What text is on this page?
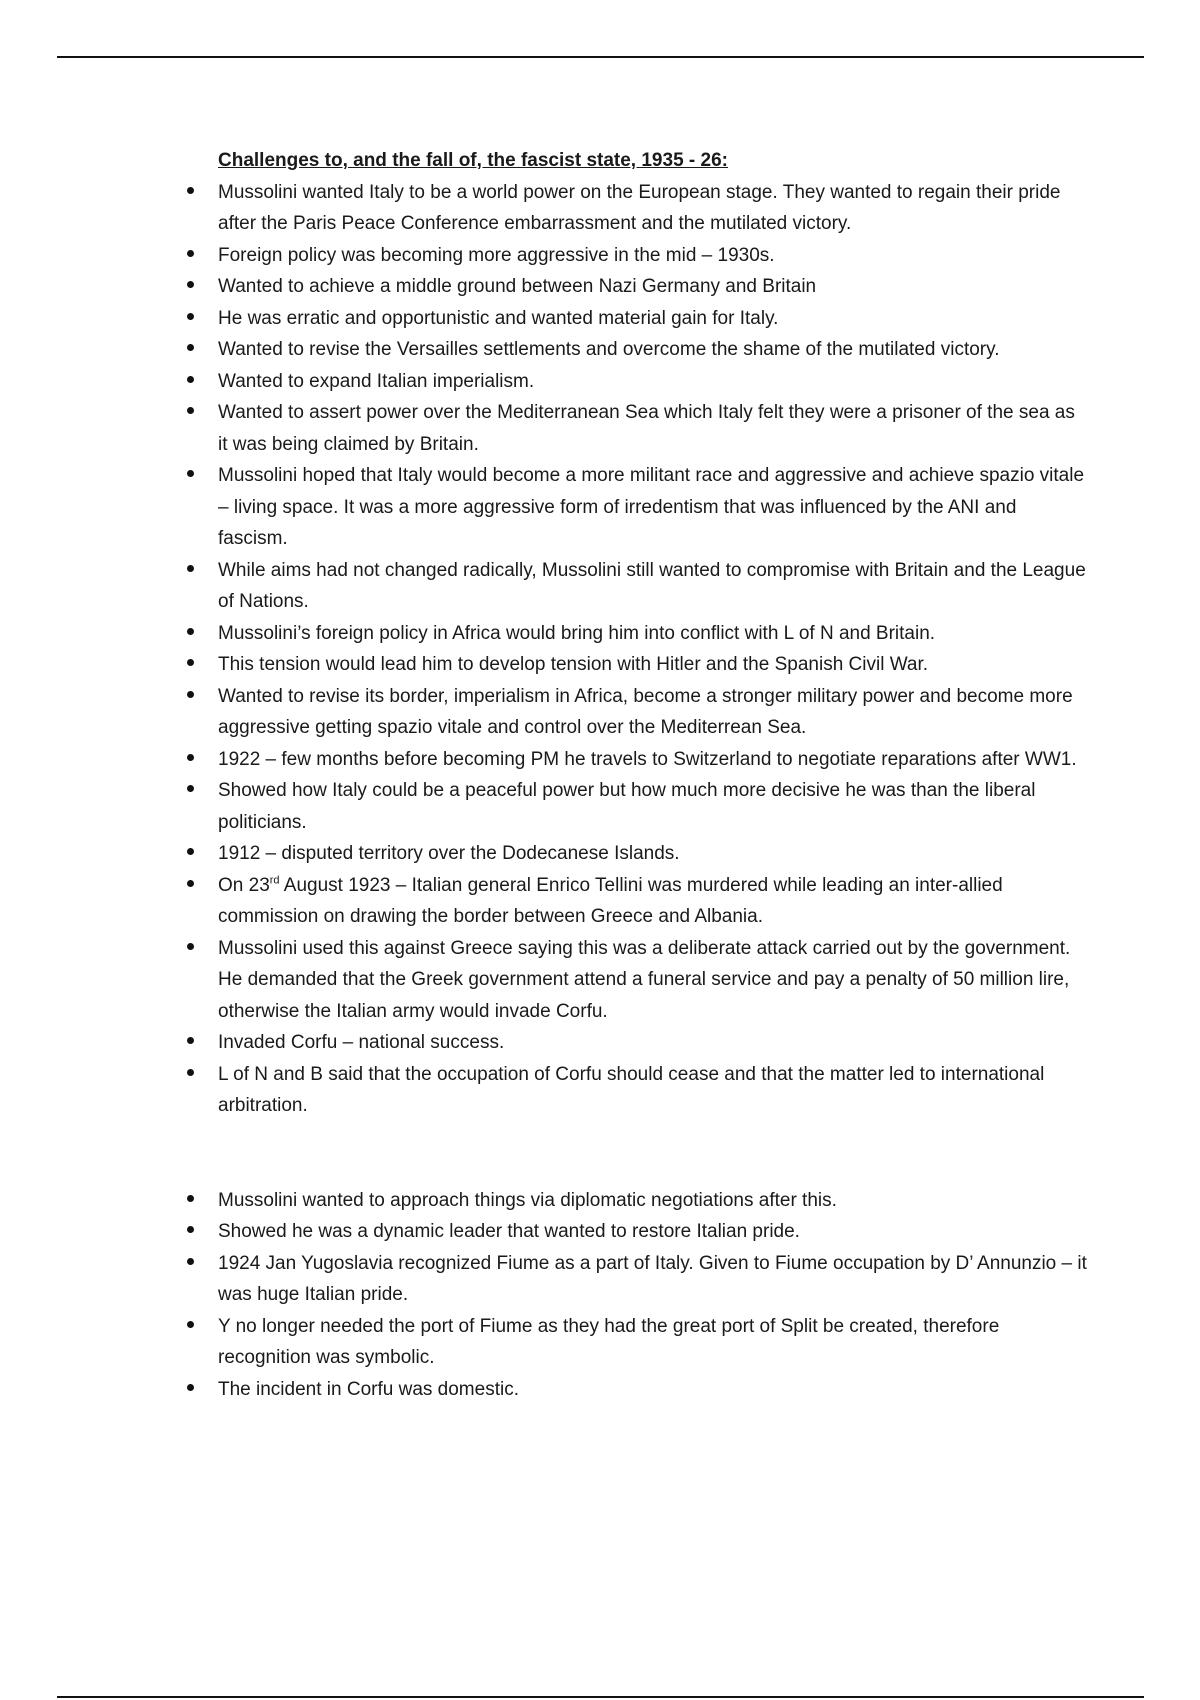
Challenges to, and the fall of, the fascist state, 1935 - 26:

Mussolini wanted Italy to be a world power on the European stage. They wanted to regain their pride after the Paris Peace Conference embarrassment and the mutilated victory.
Foreign policy was becoming more aggressive in the mid – 1930s.
Wanted to achieve a middle ground between Nazi Germany and Britain
He was erratic and opportunistic and wanted material gain for Italy.
Wanted to revise the Versailles settlements and overcome the shame of the mutilated victory.
Wanted to expand Italian imperialism.
Wanted to assert power over the Mediterranean Sea which Italy felt they were a prisoner of the sea as it was being claimed by Britain.
Mussolini hoped that Italy would become a more militant race and aggressive and achieve spazio vitale – living space. It was a more aggressive form of irredentism that was influenced by the ANI and fascism.
While aims had not changed radically, Mussolini still wanted to compromise with Britain and the League of Nations.
Mussolini’s foreign policy in Africa would bring him into conflict with L of N and Britain.
This tension would lead him to develop tension with Hitler and the Spanish Civil War.
Wanted to revise its border, imperialism in Africa, become a stronger military power and become more aggressive getting spazio vitale and control over the Mediterrean Sea.
1922 – few months before becoming PM he travels to Switzerland to negotiate reparations after WW1.
Showed how Italy could be a peaceful power but how much more decisive he was than the liberal politicians.
1912 – disputed territory over the Dodecanese Islands.
On 23rd August 1923 – Italian general Enrico Tellini was murdered while leading an inter-allied commission on drawing the border between Greece and Albania.
Mussolini used this against Greece saying this was a deliberate attack carried out by the government. He demanded that the Greek government attend a funeral service and pay a penalty of 50 million lire, otherwise the Italian army would invade Corfu.
Invaded Corfu – national success.
L of N and B said that the occupation of Corfu should cease and that the matter led to international arbitration.
Mussolini wanted to approach things via diplomatic negotiations after this.
Showed he was a dynamic leader that wanted to restore Italian pride.
1924 Jan Yugoslavia recognized Fiume as a part of Italy. Given to Fiume occupation by D’ Annunzio – it was huge Italian pride.
Y no longer needed the port of Fiume as they had the great port of Split be created, therefore recognition was symbolic.
The incident in Corfu was domestic.
